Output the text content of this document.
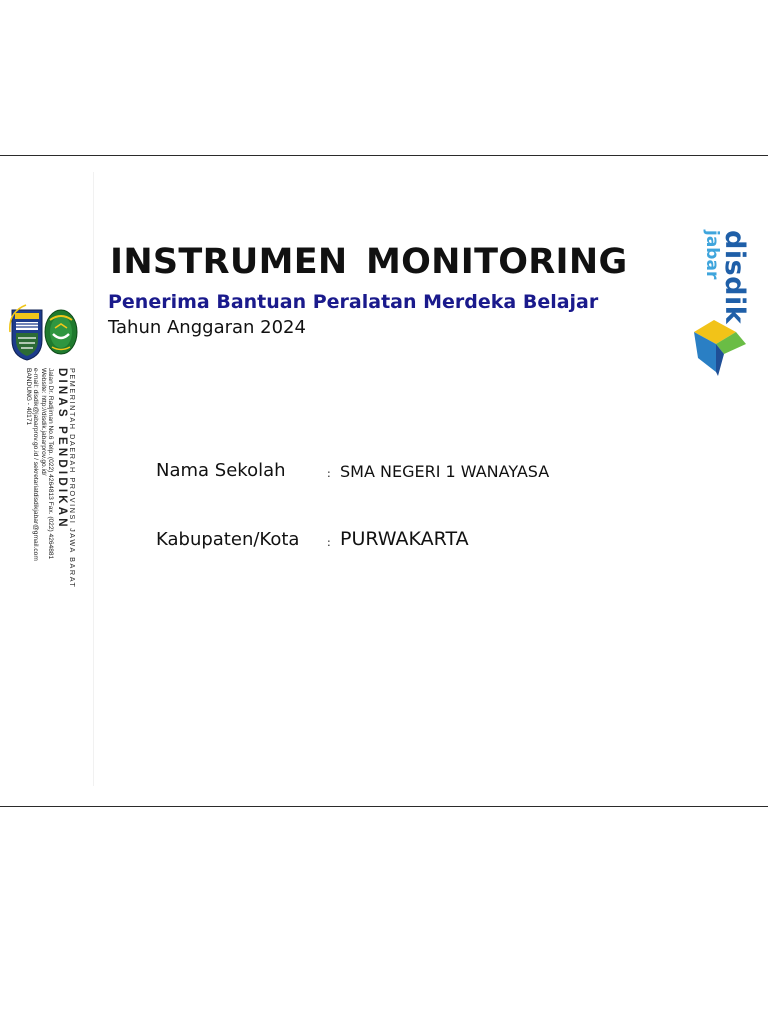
PEMERINTAH DAERAH PROVINSI JAWA BARAT
DINAS PENDIDIKAN
Jalan Dr. Radjiman No.6 Telp. (022) 4264813 Fax. (022) 4264881
Website: http://disdik.jabarprov.go.id/
e-mail: disdik@jabarprov.go.id / sekretariatdisdikjabar@gmail.com
BANDUNG - 40171
INSTRUMEN MONITORING
Penerima Bantuan Peralatan Merdeka Belajar
Tahun Anggaran 2024
disdik
jabar
Nama Sekolah	: SMA NEGERI 1 WANAYASA
Kabupaten/Kota	: PURWAKARTA
